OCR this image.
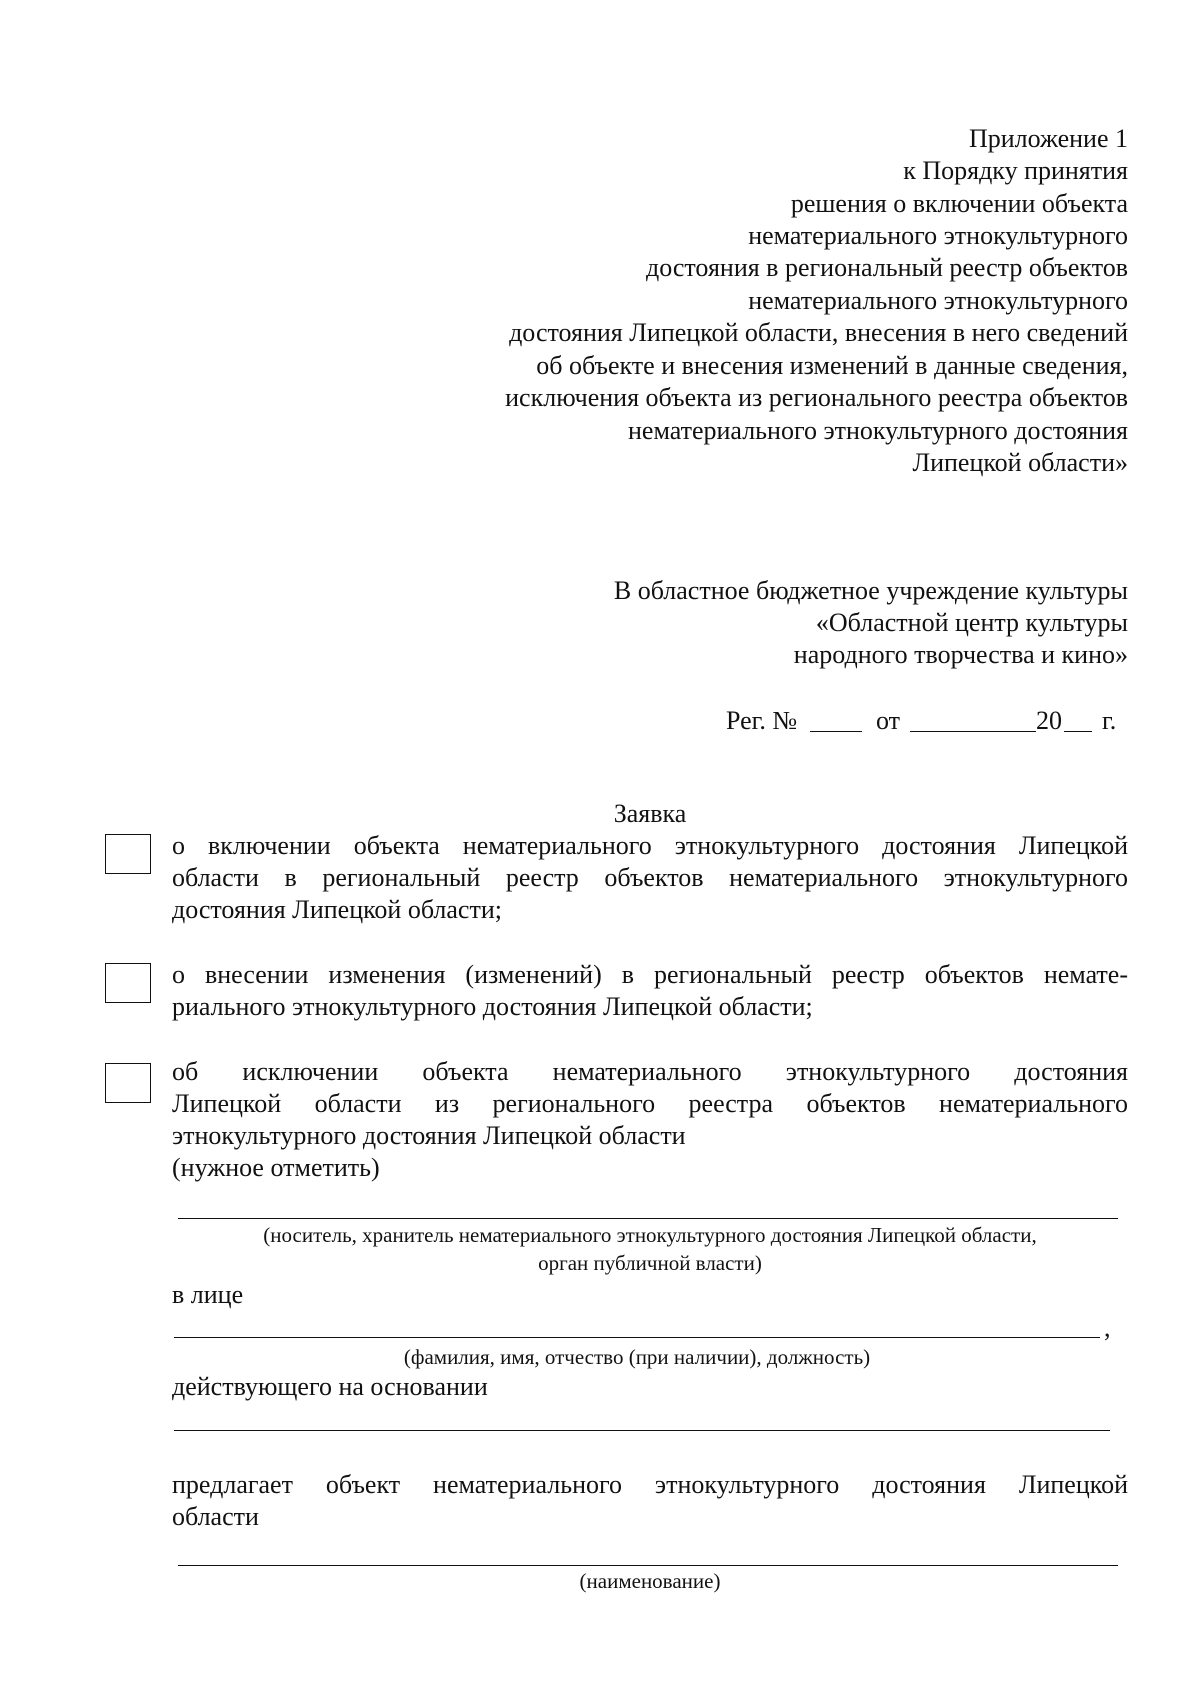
Приложение 1
к Порядку принятия
решения о включении объекта
нематериального этнокультурного
достояния в региональный реестр объектов
нематериального этнокультурного
достояния Липецкой области, внесения в него сведений
об объекте и внесения изменений в данные сведения,
исключения объекта из регионального реестра объектов
нематериального этнокультурного достояния
Липецкой области»
В областное бюджетное учреждение культуры
«Областной центр культуры
народного творчества и кино»
Рег. №	от	20 г.
Заявка
о включении объекта нематериального этнокультурного достояния Липецкой
области в региональный реестр объектов нематериального этнокультурного
достояния Липецкой области;
о внесении изменения (изменений) в региональный реестр объектов немате-
риального этнокультурного достояния Липецкой области;
об исключении объекта нематериального этнокультурного достояния
Липецкой области из регионального реестра объектов нематериального
этнокультурного достояния Липецкой области
(нужное отметить)
(носитель, хранитель нематериального этнокультурного достояния Липецкой области,
орган публичной власти)
в лице
,
(фамилия, имя, отчество (при наличии), должность)
действующего на основании
предлагает объект нематериального этнокультурного достояния Липецкой
области
(наименование)
